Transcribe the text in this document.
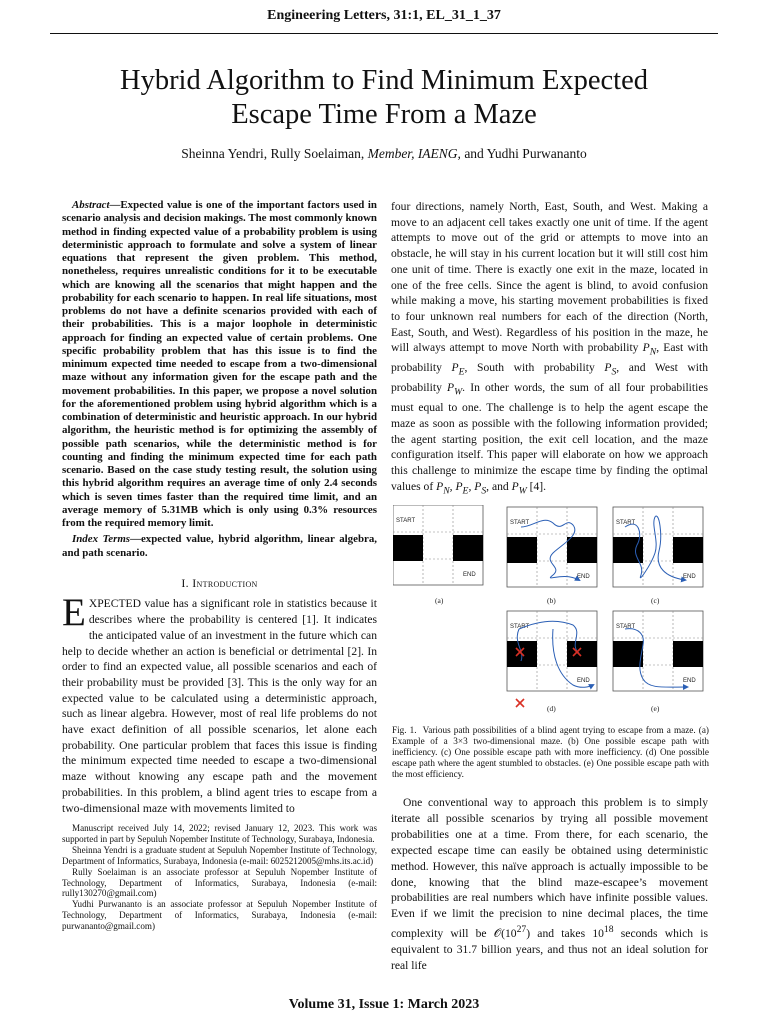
Engineering Letters, 31:1, EL_31_1_37
Hybrid Algorithm to Find Minimum Expected
Escape Time From a Maze
Sheinna Yendri, Rully Soelaiman, Member, IAENG, and Yudhi Purwananto

Abstract—Expected value is one of the important factors used in scenario analysis and decision makings. The most commonly known method in finding expected value of a probability problem is using deterministic approach to formulate and solve a system of linear equations that represent the given problem. This method, nonetheless, requires unrealistic conditions for it to be executable which are knowing all the scenarios that might happen and the probability for each scenario to happen. In real life situations, most problems do not have a definite scenarios provided with each of their probabilities. This is a major loophole in deterministic approach for finding an expected value of certain problems. One specific probability problem that has this issue is to find the minimum expected time needed to escape from a two-dimensional maze without any information given for the escape path and the movement probabilities. In this paper, we propose a novel solution for the aforementioned problem using hybrid algorithm which is a combination of deterministic and heuristic approach. In our hybrid algorithm, the heuristic method is for optimizing the assembly of possible path scenarios, while the deterministic method is for counting and finding the minimum expected time for each path scenario. Based on the case study testing result, the solution using this hybrid algorithm requires an average time of only 2.4 seconds which is seven times faster than the required time limit, and an average memory of 5.31MB which is only using 0.3% resources from the required memory limit.

Index Terms—expected value, hybrid algorithm, linear algebra, and path scenario.

I. Introduction

EXPECTED value has a significant role in statistics because it describes where the probability is centered [1]. It indicates the anticipated value of an investment in the future which can help to decide whether an action is beneficial or detrimental [2]. In order to find an expected value, all possible scenarios and each of their probability must be provided [3]. This is the only way for an expected value to be calculated using a deterministic approach, such as linear algebra. However, most of real life problems do not have exact definition of all possible scenarios, let alone each probability. One particular problem that faces this issue is finding the minimum expected time needed to escape a two-dimensional maze without knowing any escape path and the movement probabilities. In this problem, a blind agent tries to escape from a two-dimensional maze with movements limited to

Manuscript received July 14, 2022; revised January 12, 2023. This work was supported in part by Sepuluh Nopember Institute of Technology, Surabaya, Indonesia.

Sheinna Yendri is a graduate student at Sepuluh Nopember Institute of Technology, Department of Informatics, Surabaya, Indonesia (e-mail: 6025212005@mhs.its.ac.id)

Rully Soelaiman is an associate professor at Sepuluh Nopember Institute of Technology, Department of Informatics, Surabaya, Indonesia (e-mail: rully130270@gmail.com)

Yudhi Purwananto is an associate professor at Sepuluh Nopember Institute of Technology, Department of Informatics, Surabaya, Indonesia (e-mail: purwananto@gmail.com)

four directions, namely North, East, South, and West. Making a move to an adjacent cell takes exactly one unit of time. If the agent attempts to move out of the grid or attempts to move into an obstacle, he will stay in his current location but it will still cost him one unit of time. There is exactly one exit in the maze, located in one of the free cells. Since the agent is blind, to avoid confusion while making a move, his starting movement probabilities is fixed to four unknown real numbers for each of the direction (North, East, South, and West). Regardless of his position in the maze, he will always attempt to move North with probability $P_N$, East with probability $P_E$, South with probability $P_S$, and West with probability $P_W$. In other words, the sum of all four probabilities must equal to one. The challenge is to help the agent escape the maze as soon as possible with the following information provided; the agent starting position, the exit cell location, and the maze configuration itself. This paper will elaborate on how we approach this challenge to minimize the escape time by finding the optimal values of $P_N$, $P_E$, $P_S$, and $P_W$ [4].

START
END
(a)	(b)	(c)
(d)	(e)
Fig. 1. Various path possibilities of a blind agent trying to escape from a maze. (a) Example of a 3×3 two-dimensional maze. (b) One possible escape path with inefficiency. (c) One possible escape path with more inefficiency. (d) One possible escape path where the agent stumbled to obstacles. (e) One possible escape path with the most efficiency.

One conventional way to approach this problem is to simply iterate all possible scenarios by trying all possible movement probabilities one at a time. From there, for each scenario, the expected escape time can easily be obtained using deterministic method. However, this naïve approach is actually impossible to be done, knowing that the blind maze-escapee’s movement probabilities are real numbers which have infinite possible values. Even if we limit the precision to nine decimal places, the time complexity will be $𝒪(10^{27})$ and takes $10^{18}$ seconds which is equivalent to 31.7 billion years, and thus not an ideal solution for real life

Volume 31, Issue 1: March 2023
